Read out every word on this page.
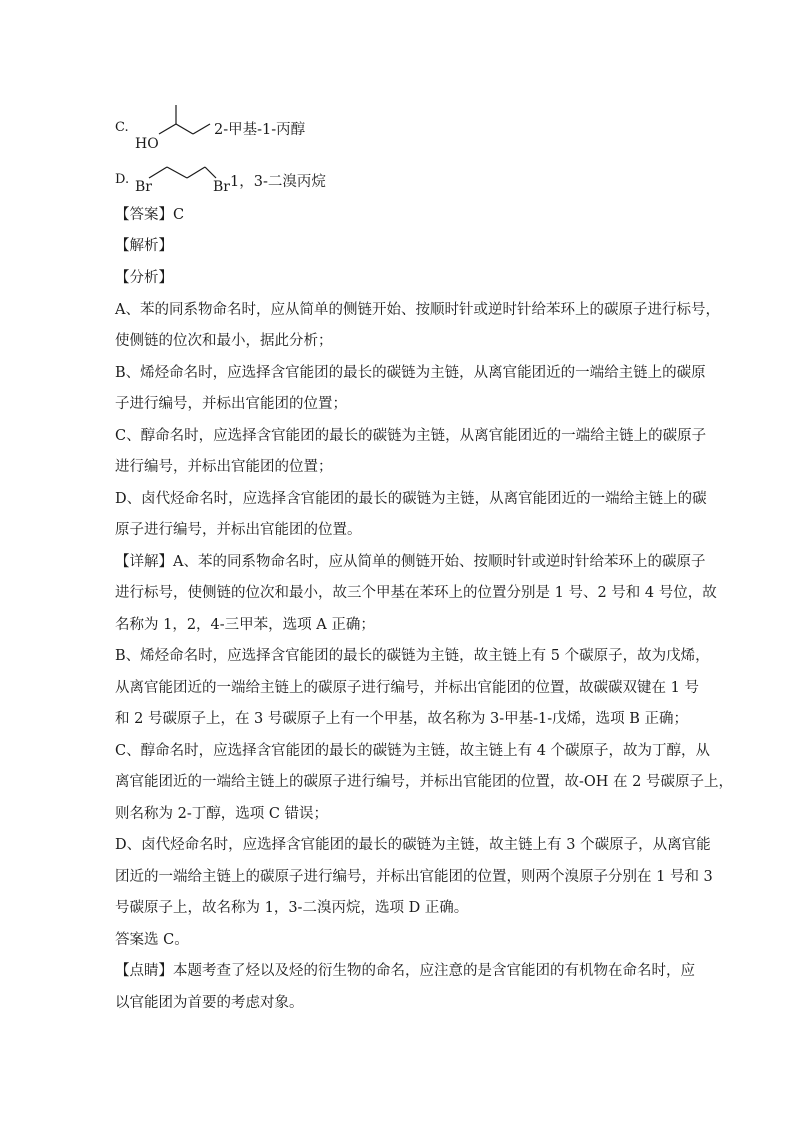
C.
HO
2-甲基-1-丙醇
D. Br	Br 1，3-二溴丙烷
【答案】C
【解析】
【分析】
A、苯的同系物命名时，应从简单的侧链开始、按顺时针或逆时针给苯环上的碳原子进行标号，
使侧链的位次和最小，据此分析；
B、烯烃命名时，应选择含官能团的最长的碳链为主链，从离官能团近的一端给主链上的碳原
子进行编号，并标出官能团的位置；
C、醇命名时，应选择含官能团的最长的碳链为主链，从离官能团近的一端给主链上的碳原子
进行编号，并标出官能团的位置；
D、卤代烃命名时，应选择含官能团的最长的碳链为主链，从离官能团近的一端给主链上的碳
原子进行编号，并标出官能团的位置。
【详解】A、苯的同系物命名时，应从简单的侧链开始、按顺时针或逆时针给苯环上的碳原子
进行标号，使侧链的位次和最小，故三个甲基在苯环上的位置分别是 1 号、2 号和 4 号位，故
名称为 1，2，4-三甲苯，选项 A 正确；
B、烯烃命名时，应选择含官能团的最长的碳链为主链，故主链上有 5 个碳原子，故为戊烯，
从离官能团近的一端给主链上的碳原子进行编号，并标出官能团的位置，故碳碳双键在 1 号
和 2 号碳原子上，在 3 号碳原子上有一个甲基，故名称为 3-甲基-1-戊烯，选项 B 正确；
C、醇命名时，应选择含官能团的最长的碳链为主链，故主链上有 4 个碳原子，故为丁醇，从
离官能团近的一端给主链上的碳原子进行编号，并标出官能团的位置，故-OH 在 2 号碳原子上，
则名称为 2-丁醇，选项 C 错误；
D、卤代烃命名时，应选择含官能团的最长的碳链为主链，故主链上有 3 个碳原子，从离官能
团近的一端给主链上的碳原子进行编号，并标出官能团的位置，则两个溴原子分别在 1 号和 3
号碳原子上，故名称为 1，3-二溴丙烷，选项 D 正确。
答案选 C。
【点睛】本题考查了烃以及烃的衍生物的命名，应注意的是含官能团的有机物在命名时，应
以官能团为首要的考虑对象。
